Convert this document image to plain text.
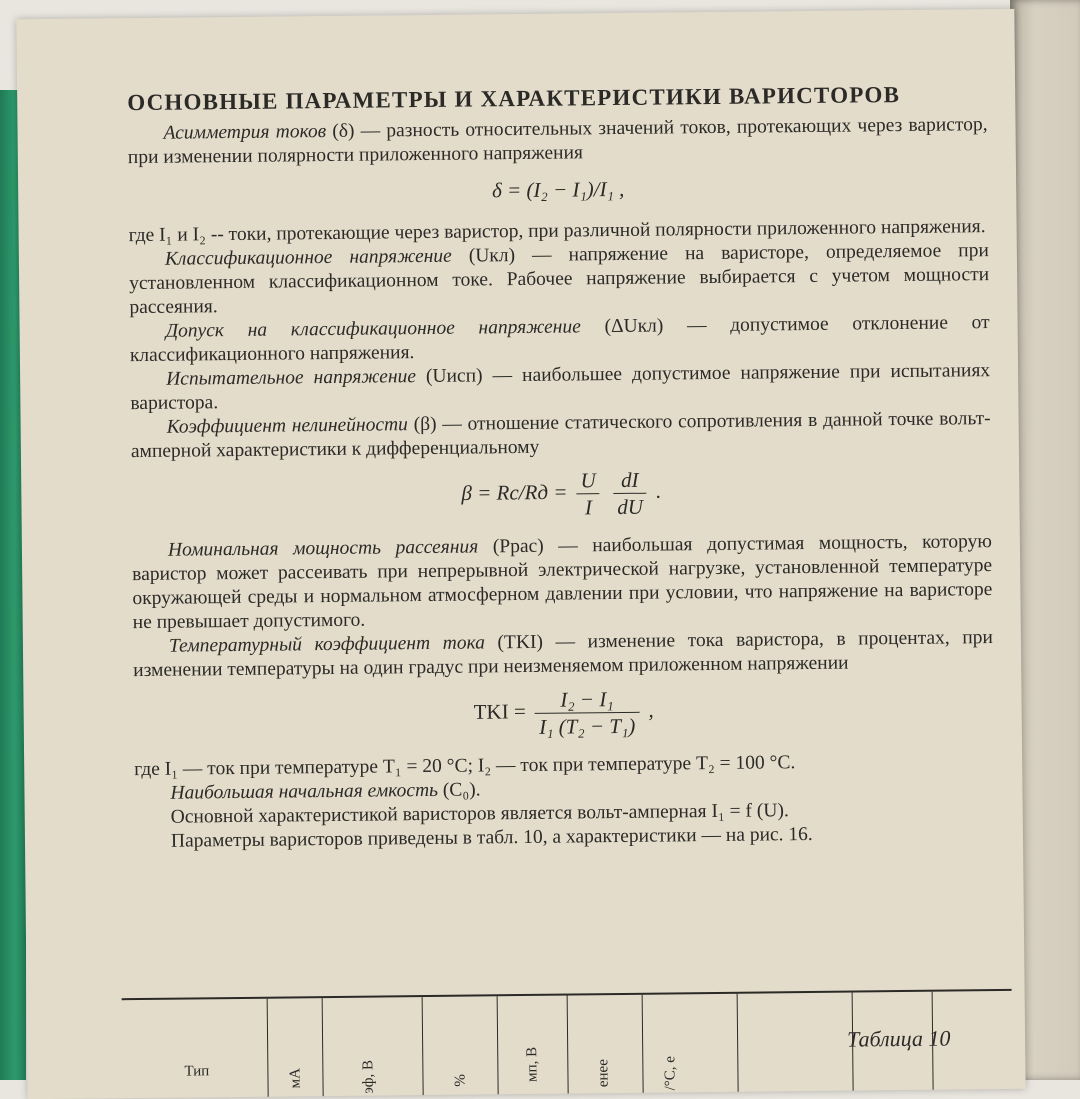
ОСНОВНЫЕ ПАРАМЕТРЫ И ХАРАКТЕРИСТИКИ ВАРИСТОРОВ

Асимметрия токов (δ) — разность относительных значений токов, протекающих через варистор, при изменении полярности приложенного напряжения

δ = (I₂ − I₁)/I₁ ,

где I₁ и I₂ -- токи, протекающие через варистор, при различной полярности приложенного напряжения.

Классификационное напряжение (Uкл) — напряжение на варисторе, определяемое при установленном классификационном токе. Рабочее напряжение выбирается с учетом мощности рассеяния.

Допуск на классификационное напряжение (ΔUкл) — допустимое отклонение от классификационного напряжения.

Испытательное напряжение (Uисп) — наибольшее допустимое напряжение при испытаниях варистора.

Коэффициент нелинейности (β) — отношение статического сопротивления в данной точке вольт-амперной характеристики к дифференциальному

$\beta = Rc/Rд = \frac{U}{I}$
$\frac{dI}{dU}$ .

Номинальная мощность рассеяния (Pрас) — наибольшая допустимая мощность, которую варистор может рассеивать при непрерывной электрической нагрузке, установленной температуре окружающей среды и нормальном атмосферном давлении при условии, что напряжение на варисторе не превышает допустимого.

Температурный коэффициент тока (TKI) — изменение тока варистора, в процентах, при изменении температуры на один градус при неизменяемом приложенном напряжении

TKI = $\frac{\text{I₂ − I₁}}{\text{I₁ (T₂ − T₁)}}$ ,

где I₁ — ток при температуре T₁ = 20 °C; I₂ — ток при температуре T₂ = 100 °C.

Наибольшая начальная емкость (C₀).

Основной характеристикой варисторов является вольт-амперная I₁ = f (U).

Параметры варисторов приведены в табл. 10, а характеристики — на рис. 16.

Таблица 10
Тип	мА	эф, В	%	мп, В	енее	/°C, е
